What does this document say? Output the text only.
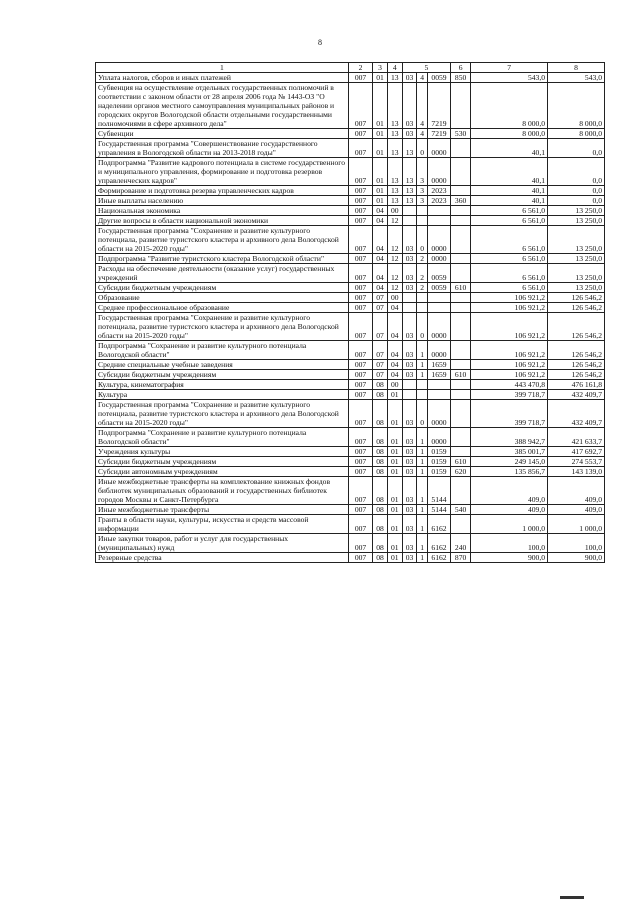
8
1	2	3	4	5			6	7	8
Уплата налогов, сборов и иных платежей	007	01	13	03	4	0059	850	543,0	543,0
Субвенция на осуществление отдельных государственных полномочий в соответствии с законом области от 28 апреля 2006 года № 1443-ОЗ "О наделении органов местного самоуправления муниципальных районов и городских округов Вологодской области отдельными государственными полномочиями в сфере архивного дела"	007	01	13	03	4	7219		8 000,0	8 000,0
Субвенции	007	01	13	03	4	7219	530	8 000,0	8 000,0
Государственная программа "Совершенствование государственного управления в Вологодской области на 2013-2018 годы"	007	01	13	13	0	0000		40,1	0,0
Подпрограмма "Развитие кадрового потенциала в системе государственного и муниципального управления, формирование и подготовка резервов управленческих кадров"	007	01	13	13	3	0000		40,1	0,0
Формирование и подготовка резерва управленческих кадров	007	01	13	13	3	2023		40,1	0,0
Иные выплаты населению	007	01	13	13	3	2023	360	40,1	0,0
Национальная экономика	007	04	00					6 561,0	13 250,0
Другие вопросы в области национальной экономики	007	04	12					6 561,0	13 250,0
Государственная программа "Сохранение и развитие культурного потенциала, развитие туристского кластера и архивного дела Вологодской области на 2015-2020 годы"	007	04	12	03	0	0000		6 561,0	13 250,0
Подпрограмма "Развитие туристского кластера Вологодской области"	007	04	12	03	2	0000		6 561,0	13 250,0
Расходы на обеспечение деятельности (оказание услуг) государственных учреждений	007	04	12	03	2	0059		6 561,0	13 250,0
Субсидии бюджетным учреждениям	007	04	12	03	2	0059	610	6 561,0	13 250,0
Образование	007	07	00					106 921,2	126 546,2
Среднее профессиональное образование	007	07	04					106 921,2	126 546,2
Государственная программа "Сохранение и развитие культурного потенциала, развитие туристского кластера и архивного дела Вологодской области на 2015-2020 годы"	007	07	04	03	0	0000		106 921,2	126 546,2
Подпрограмма "Сохранение и развитие культурного потенциала Вологодской области"	007	07	04	03	1	0000		106 921,2	126 546,2
Средние специальные учебные заведения	007	07	04	03	1	1659		106 921,2	126 546,2
Субсидии бюджетным учреждениям	007	07	04	03	1	1659	610	106 921,2	126 546,2
Культура, кинематография	007	08	00					443 470,8	476 161,8
Культура	007	08	01					399 718,7	432 409,7
Государственная программа "Сохранение и развитие культурного потенциала, развитие туристского кластера и архивного дела Вологодской области на 2015-2020 годы"	007	08	01	03	0	0000		399 718,7	432 409,7
Подпрограмма "Сохранение и развитие культурного потенциала Вологодской области"	007	08	01	03	1	0000		388 942,7	421 633,7
Учреждения культуры	007	08	01	03	1	0159		385 001,7	417 692,7
Субсидии бюджетным учреждениям	007	08	01	03	1	0159	610	249 145,0	274 553,7
Субсидии автономным учреждениям	007	08	01	03	1	0159	620	135 856,7	143 139,0
Иные межбюджетные трансферты на комплектование книжных фондов библиотек муниципальных образований и государственных библиотек городов Москвы и Санкт-Петербурга	007	08	01	03	1	5144		409,0	409,0
Иные межбюджетные трансферты	007	08	01	03	1	5144	540	409,0	409,0
Гранты в области науки, культуры, искусства и средств массовой информации	007	08	01	03	1	6162		1 000,0	1 000,0
Иные закупки товаров, работ и услуг для государственных (муниципальных) нужд	007	08	01	03	1	6162	240	100,0	100,0
Резервные средства	007	08	01	03	1	6162	870	900,0	900,0
